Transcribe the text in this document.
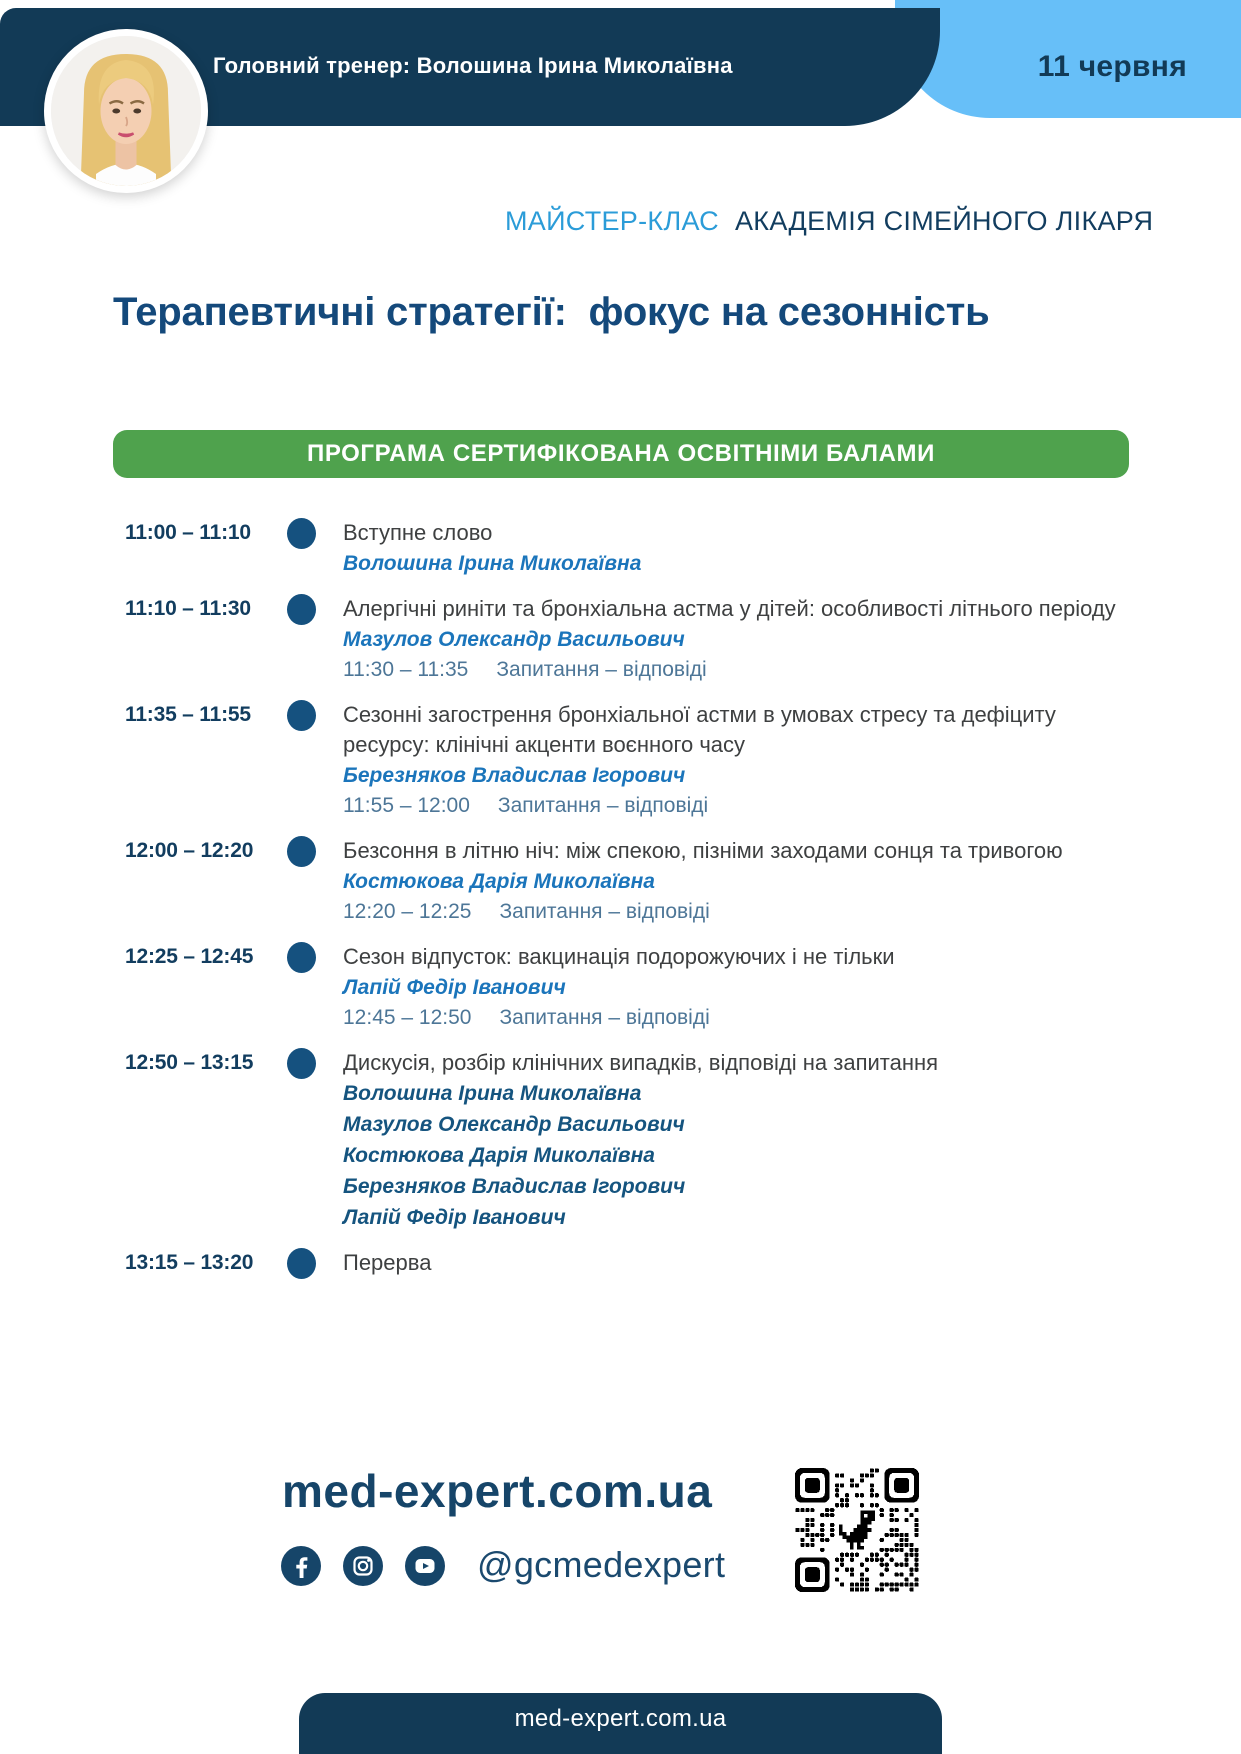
Головний тренер: Волошина Ірина Миколаївна	11 червня
МАЙСТЕР-КЛАС АКАДЕМІЯ СІМЕЙНОГО ЛІКАРЯ
Терапевтичні стратегії:  фокус на сезонність
ПРОГРАМА СЕРТИФІКОВАНА ОСВІТНІМИ БАЛАМИ
11:00 – 11:10	Вступне слово
Волошина Ірина Миколаївна
11:10 – 11:30	Алергічні риніти та бронхіальна астма у дітей: особливості літнього періоду
Мазулов Олександр Васильович
11:30 – 11:35 Запитання – відповіді
11:35 – 11:55	Сезонні загострення бронхіальної астми в умовах стресу та дефіциту ресурсу: клінічні акценти воєнного часу
Березняков Владислав Ігорович
11:55 – 12:00 Запитання – відповіді
12:00 – 12:20	Безсоння в літню ніч: між спекою, пізніми заходами сонця та тривогою
Костюкова Дарія Миколаївна
12:20 – 12:25 Запитання – відповіді
12:25 – 12:45	Сезон відпусток: вакцинація подорожуючих і не тільки
Лапій Федір Іванович
12:45 – 12:50 Запитання – відповіді
12:50 – 13:15	Дискусія, розбір клінічних випадків, відповіді на запитання
Волошина Ірина Миколаївна
Мазулов Олександр Васильович
Костюкова Дарія Миколаївна
Березняков Владислав Ігорович
Лапій Федір Іванович
13:15 – 13:20	Перерва
med-expert.com.ua
@gcmedexpert
med-expert.com.ua
